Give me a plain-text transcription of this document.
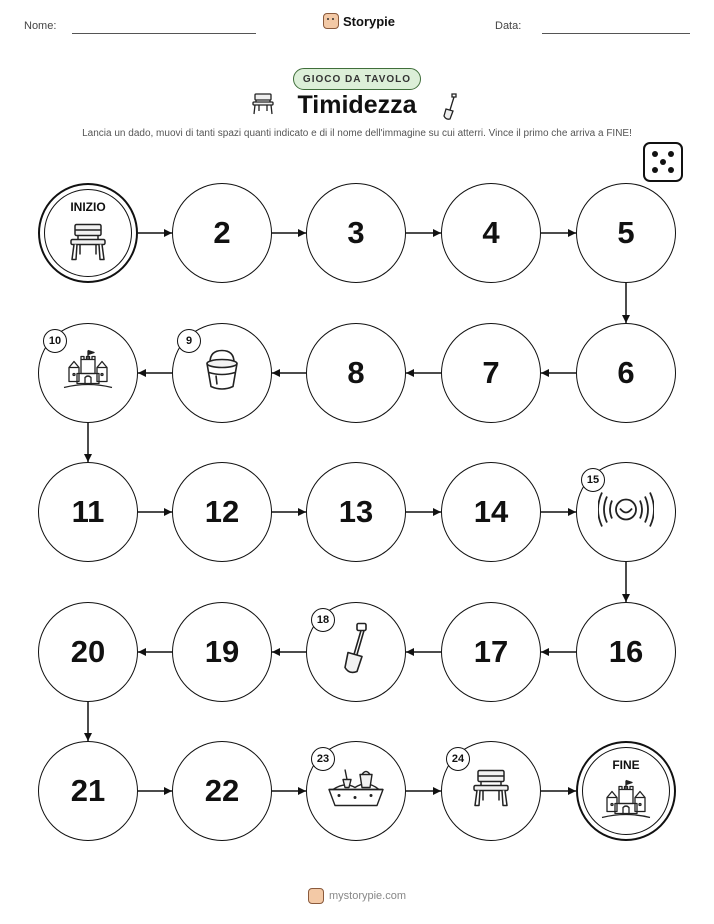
Nome:	Storypie	Data:
GIOCO DA TAVOLO
Timidezza
Lancia un dado, muovi di tanti spazi quanti indicato e di il nome dell'immagine su cui atterri. Vince il primo che arriva a FINE!
INIZIO
2	3	4	5
6
7
8
9
10
11	12	13	14
15
16
17
18
19
20
21	22
23	24	FINE
mystorypie.com
